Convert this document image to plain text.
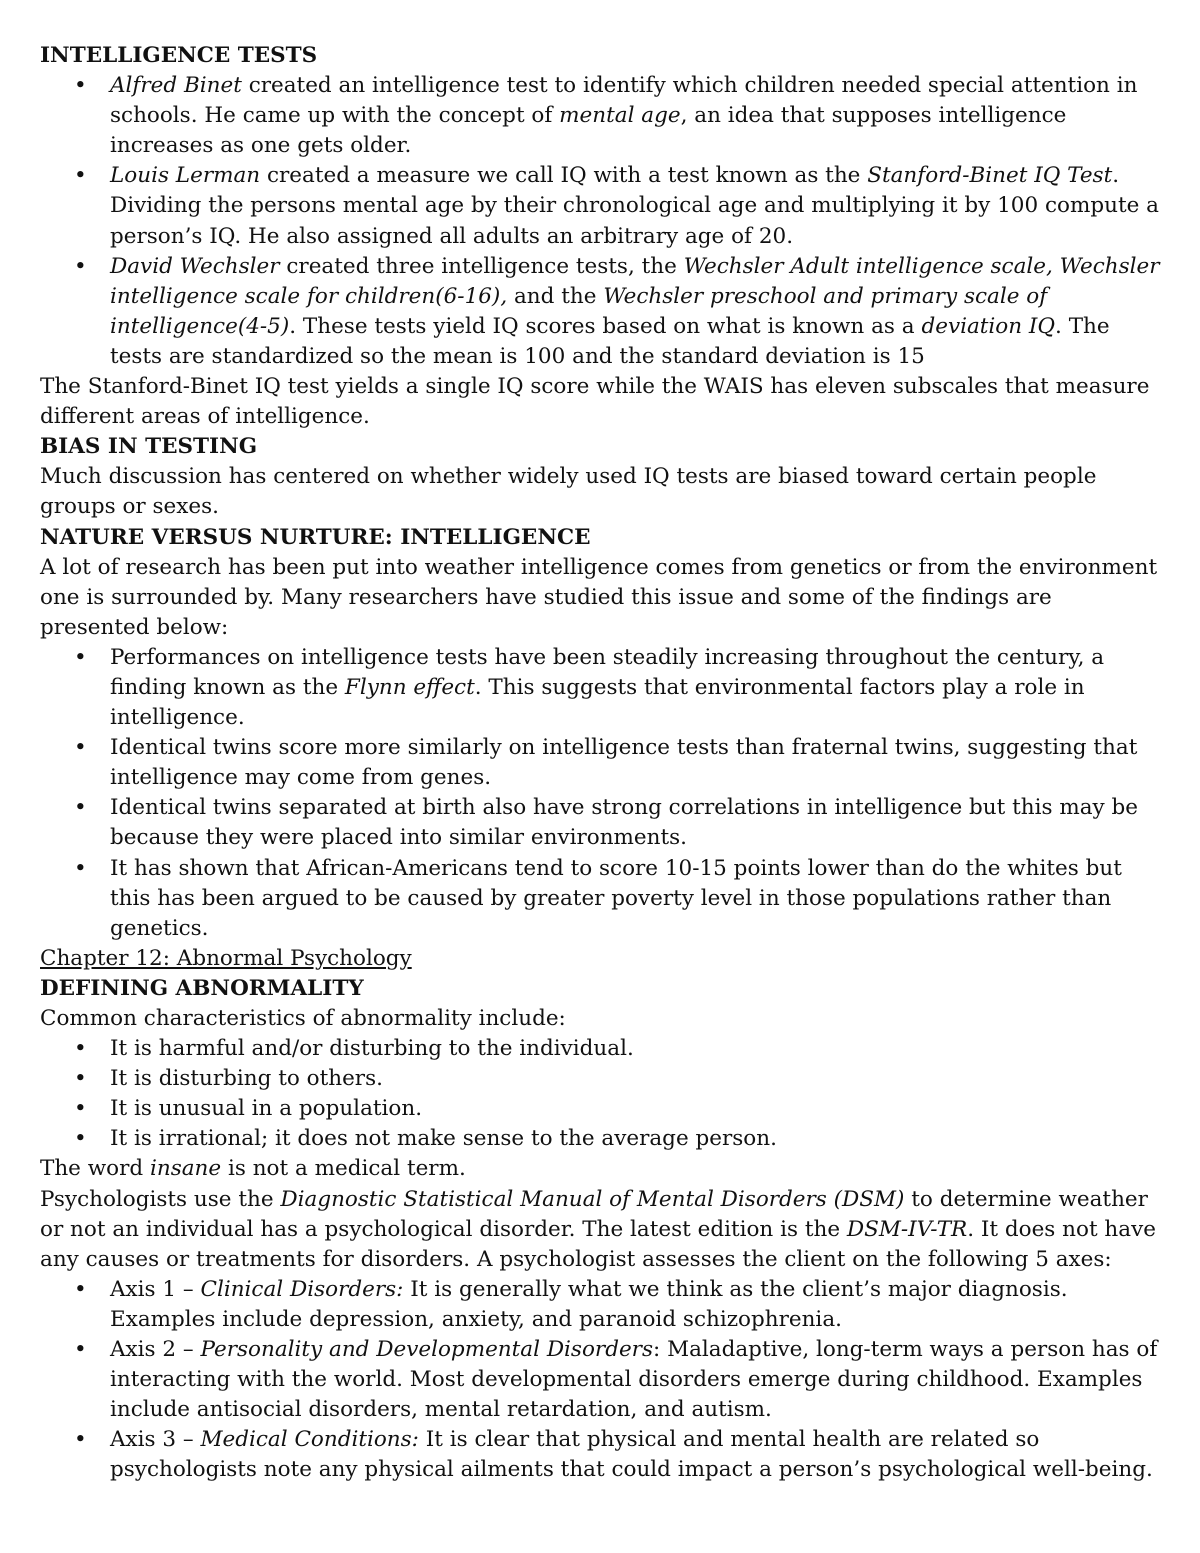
INTELLIGENCE TESTS

• Alfred Binet created an intelligence test to identify which children needed special attention in schools. He came up with the concept of mental age, an idea that supposes intelligence increases as one gets older.
• Louis Lerman created a measure we call IQ with a test known as the Stanford-Binet IQ Test. Dividing the persons mental age by their chronological age and multiplying it by 100 compute a person’s IQ. He also assigned all adults an arbitrary age of 20.
• David Wechsler created three intelligence tests, the Wechsler Adult intelligence scale, Wechsler intelligence scale for children(6-16), and the Wechsler preschool and primary scale of intelligence(4-5). These tests yield IQ scores based on what is known as a deviation IQ. The tests are standardized so the mean is 100 and the standard deviation is 15

The Stanford-Binet IQ test yields a single IQ score while the WAIS has eleven subscales that measure different areas of intelligence.

BIAS IN TESTING

Much discussion has centered on whether widely used IQ tests are biased toward certain people groups or sexes.

NATURE VERSUS NURTURE: INTELLIGENCE

A lot of research has been put into weather intelligence comes from genetics or from the environment one is surrounded by. Many researchers have studied this issue and some of the findings are presented below:

• Performances on intelligence tests have been steadily increasing throughout the century, a finding known as the Flynn effect. This suggests that environmental factors play a role in intelligence.
• Identical twins score more similarly on intelligence tests than fraternal twins, suggesting that intelligence may come from genes.
• Identical twins separated at birth also have strong correlations in intelligence but this may be because they were placed into similar environments.
• It has shown that African-Americans tend to score 10-15 points lower than do the whites but this has been argued to be caused by greater poverty level in those populations rather than genetics.

Chapter 12: Abnormal Psychology

DEFINING ABNORMALITY

Common characteristics of abnormality include:

• It is harmful and/or disturbing to the individual.
• It is disturbing to others.
• It is unusual in a population.
• It is irrational; it does not make sense to the average person.

The word insane is not a medical term.

Psychologists use the Diagnostic Statistical Manual of Mental Disorders (DSM) to determine weather or not an individual has a psychological disorder. The latest edition is the DSM-IV-TR. It does not have any causes or treatments for disorders. A psychologist assesses the client on the following 5 axes:

• Axis 1 – Clinical Disorders: It is generally what we think as the client’s major diagnosis. Examples include depression, anxiety, and paranoid schizophrenia.
• Axis 2 – Personality and Developmental Disorders: Maladaptive, long-term ways a person has of interacting with the world. Most developmental disorders emerge during childhood. Examples include antisocial disorders, mental retardation, and autism.
• Axis 3 – Medical Conditions: It is clear that physical and mental health are related so psychologists note any physical ailments that could impact a person’s psychological well-being.
